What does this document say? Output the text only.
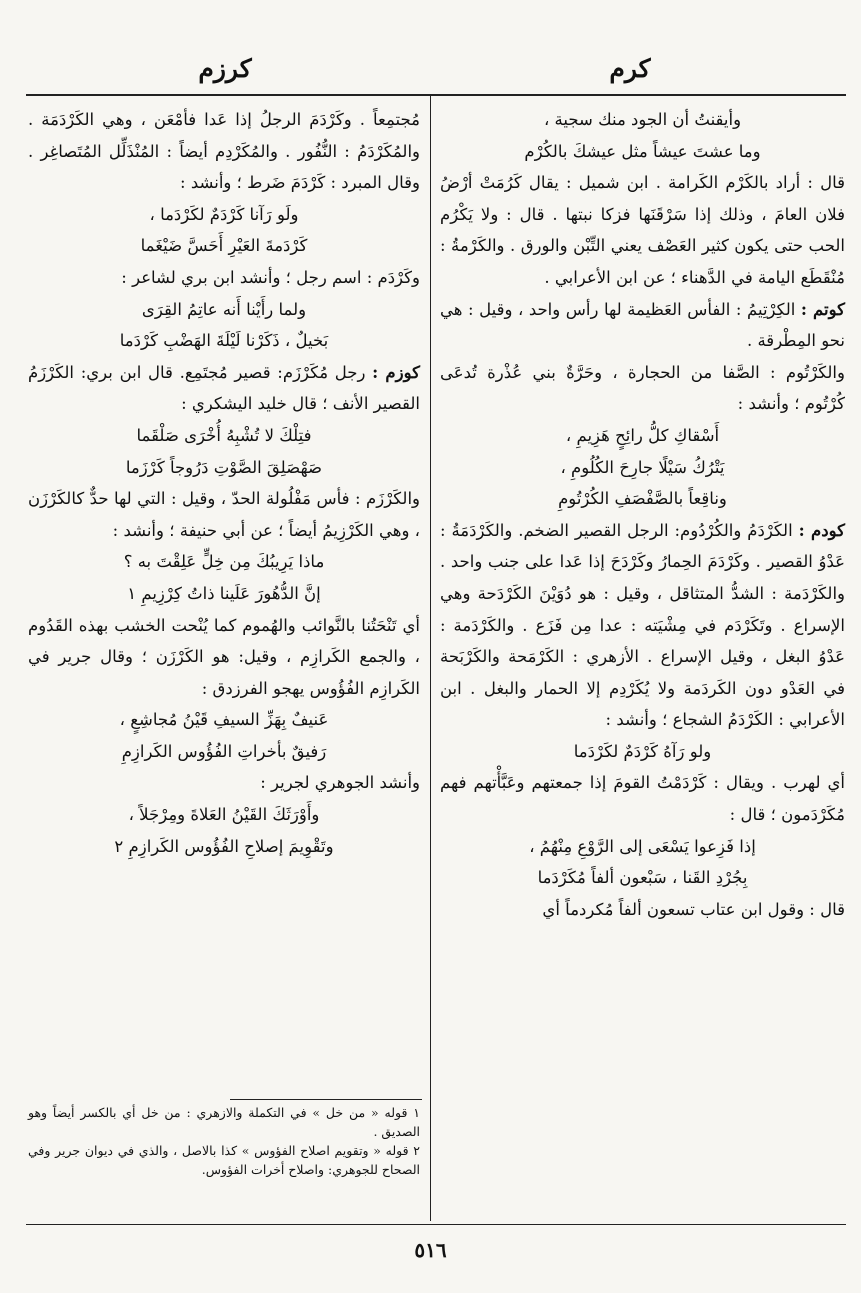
كرم
كرزم

وأيقنتُ أن الجود منك سجية ،

وما عشتَ عيشاً مثل عيشكَ بالكُرْم

قال : أراد بالكَرْم الكَرامة . ابن شميل : يقال كَرُمَتْ أرْضُ فلان العامَ ، وذلك إذا سَرْقَنَها فزكا نبتها . قال : ولا يَكْرُم الحب حتى يكون كثير العَصْف يعني التِّبْن والورق . والكَرْمةُ : مُنْقَطَع اليامة في الدَّهناء ؛ عن ابن الأعرابي .

كوتم : الكِرْتِيمُ : الفأس العَظيمة لها رأس واحد ، وقيل : هي نحو المِطْرقة .

والكَرْتُوم : الصَّفا من الحجارة ، وحَرَّةٌ بني عُذْرة تُدعَى كُرْتُوم ؛ وأنشد :

أَسْقاكِ كلُّ رائِحٍ هَزِيمِ ،

يَتْرُكُ سَيْلًا جارِحَ الكُلُومِ ،

وناقِعاً بالصَّفْصَفِ الكُرْتُومِ

كودم : الكَرْدَمُ والكُرْدُوم: الرجل القصير الضخم. والكَرْدَمَةُ : عَدْوُ القصير . وكَرْدَمَ الحِمارُ وكَرْدَحَ إذا عَدا على جنب واحد . والكَرْدَمة : الشدُّ المتثاقل ، وقيل : هو دُوَيْنَ الكَرْدَحة وهي الإسراع . وتَكَرْدَم في مِشْيَته : عدا مِن فَزَع . والكَرْدَمة : عَدْوُ البغل ، وقيل الإسراع . الأزهري : الكَرْمَحة والكَرْبَحة في العَدْو دون الكَردَمة ولا يُكَرْدِم إلا الحمار والبغل . ابن الأعرابي : الكَرْدَمُ الشجاع ؛ وأنشد :

ولو رَآهُ كَرْدَمٌ لكَرْدَما

أي لهرب . ويقال : كَرْدَمْتُ القومَ إذا جمعتهم وعَبَّأْتهم فهم مُكَرْدَمون ؛ قال :

إذا فَزِعوا يَسْعَى إلى الرَّوْعِ مِنْهُمُ ،

بِجُرْدِ القَنا ، سَبْعون ألفاً مُكَرْدَما

قال : وقول ابن عتاب تسعون ألفاً مُكردماً أي

مُجتمِعاً . وكَرْدَمَ الرجلُ إذا عَدا فأمْعَن ، وهي الكَرْدَمَة . والمُكَرْدَمُ : النُّفُور . والمُكَرْدِم أيضاً : المُنْذَلِّل المُتَصاغِر . وقال المبرد : كَرْدَمَ ضَرط ؛ وأنشد :

ولَو رَآنا كَرْدَمٌ لكَرْدَما ،

كَرْدَمةَ العَيْرِ أَحَسَّ ضَيْغَما

وكَرْدَم : اسم رجل ؛ وأنشد ابن بري لشاعر :

ولما رأَيْنا أَنه عاتِمُ القِرَى

بَخيلٌ ، ذَكَرْنا لَيْلَةَ الهَضْبِ كَرْدَما

كوزم : رجل مُكَرْزَم: قصير مُجتَمِع. قال ابن بري: الكَرْزَمُ القصير الأنف ؛ قال خليد اليشكري :

فتِلْكَ لا تُشْبِهُ أُخْرَى صَلْقَما

صَهْصَلِقَ الصَّوْتِ دَرُوجاً كَرْزَما

والكَرْزَم : فأس مَفْلُولة الحدّ ، وقيل : التي لها حدٌّ كالكَرْزَن ، وهي الكَرْزِيمُ أيضاً ؛ عن أبي حنيفة ؛ وأنشد :

ماذا يَرِيبُكَ مِن خِلٍّ عَلِقْتَ به ؟

إنَّ الدُّهُورَ عَلَينا ذاتُ كِرْزِيمِ ١

أي تَنْحَتُنا بالنَّوائب والهُموم كما يُنْحت الخشب بهذه القَدُوم ، والجمع الكَرازِم ، وقيل: هو الكَرْزَن ؛ وقال جرير في الكَرازِم الفُؤُوس يهجو الفرزدق :

عَنيفٌ بِهَزِّ السيفِ قَيْنُ مُجاشِعٍ ،

رَفيقٌ بأخراتِ الفُؤُوس الكَرازِمِ

وأنشد الجوهري لجرير :

وأَوْرَثَكَ القَيْنُ العَلاةَ ومِرْجَلاً ،

وتَقْوِيمَ إصلاحِ الفُؤُوس الكَرازِمِ ٢

١ قوله « من خل » في التكملة والازهري : من خل أي بالكسر أيضاً وهو الصديق .

٢ قوله « وتقويم اصلاح الفؤوس » كذا بالاصل ، والذي في ديوان جرير وفي الصحاح للجوهري: واصلاح أخرات الفؤوس.

٥١٦
